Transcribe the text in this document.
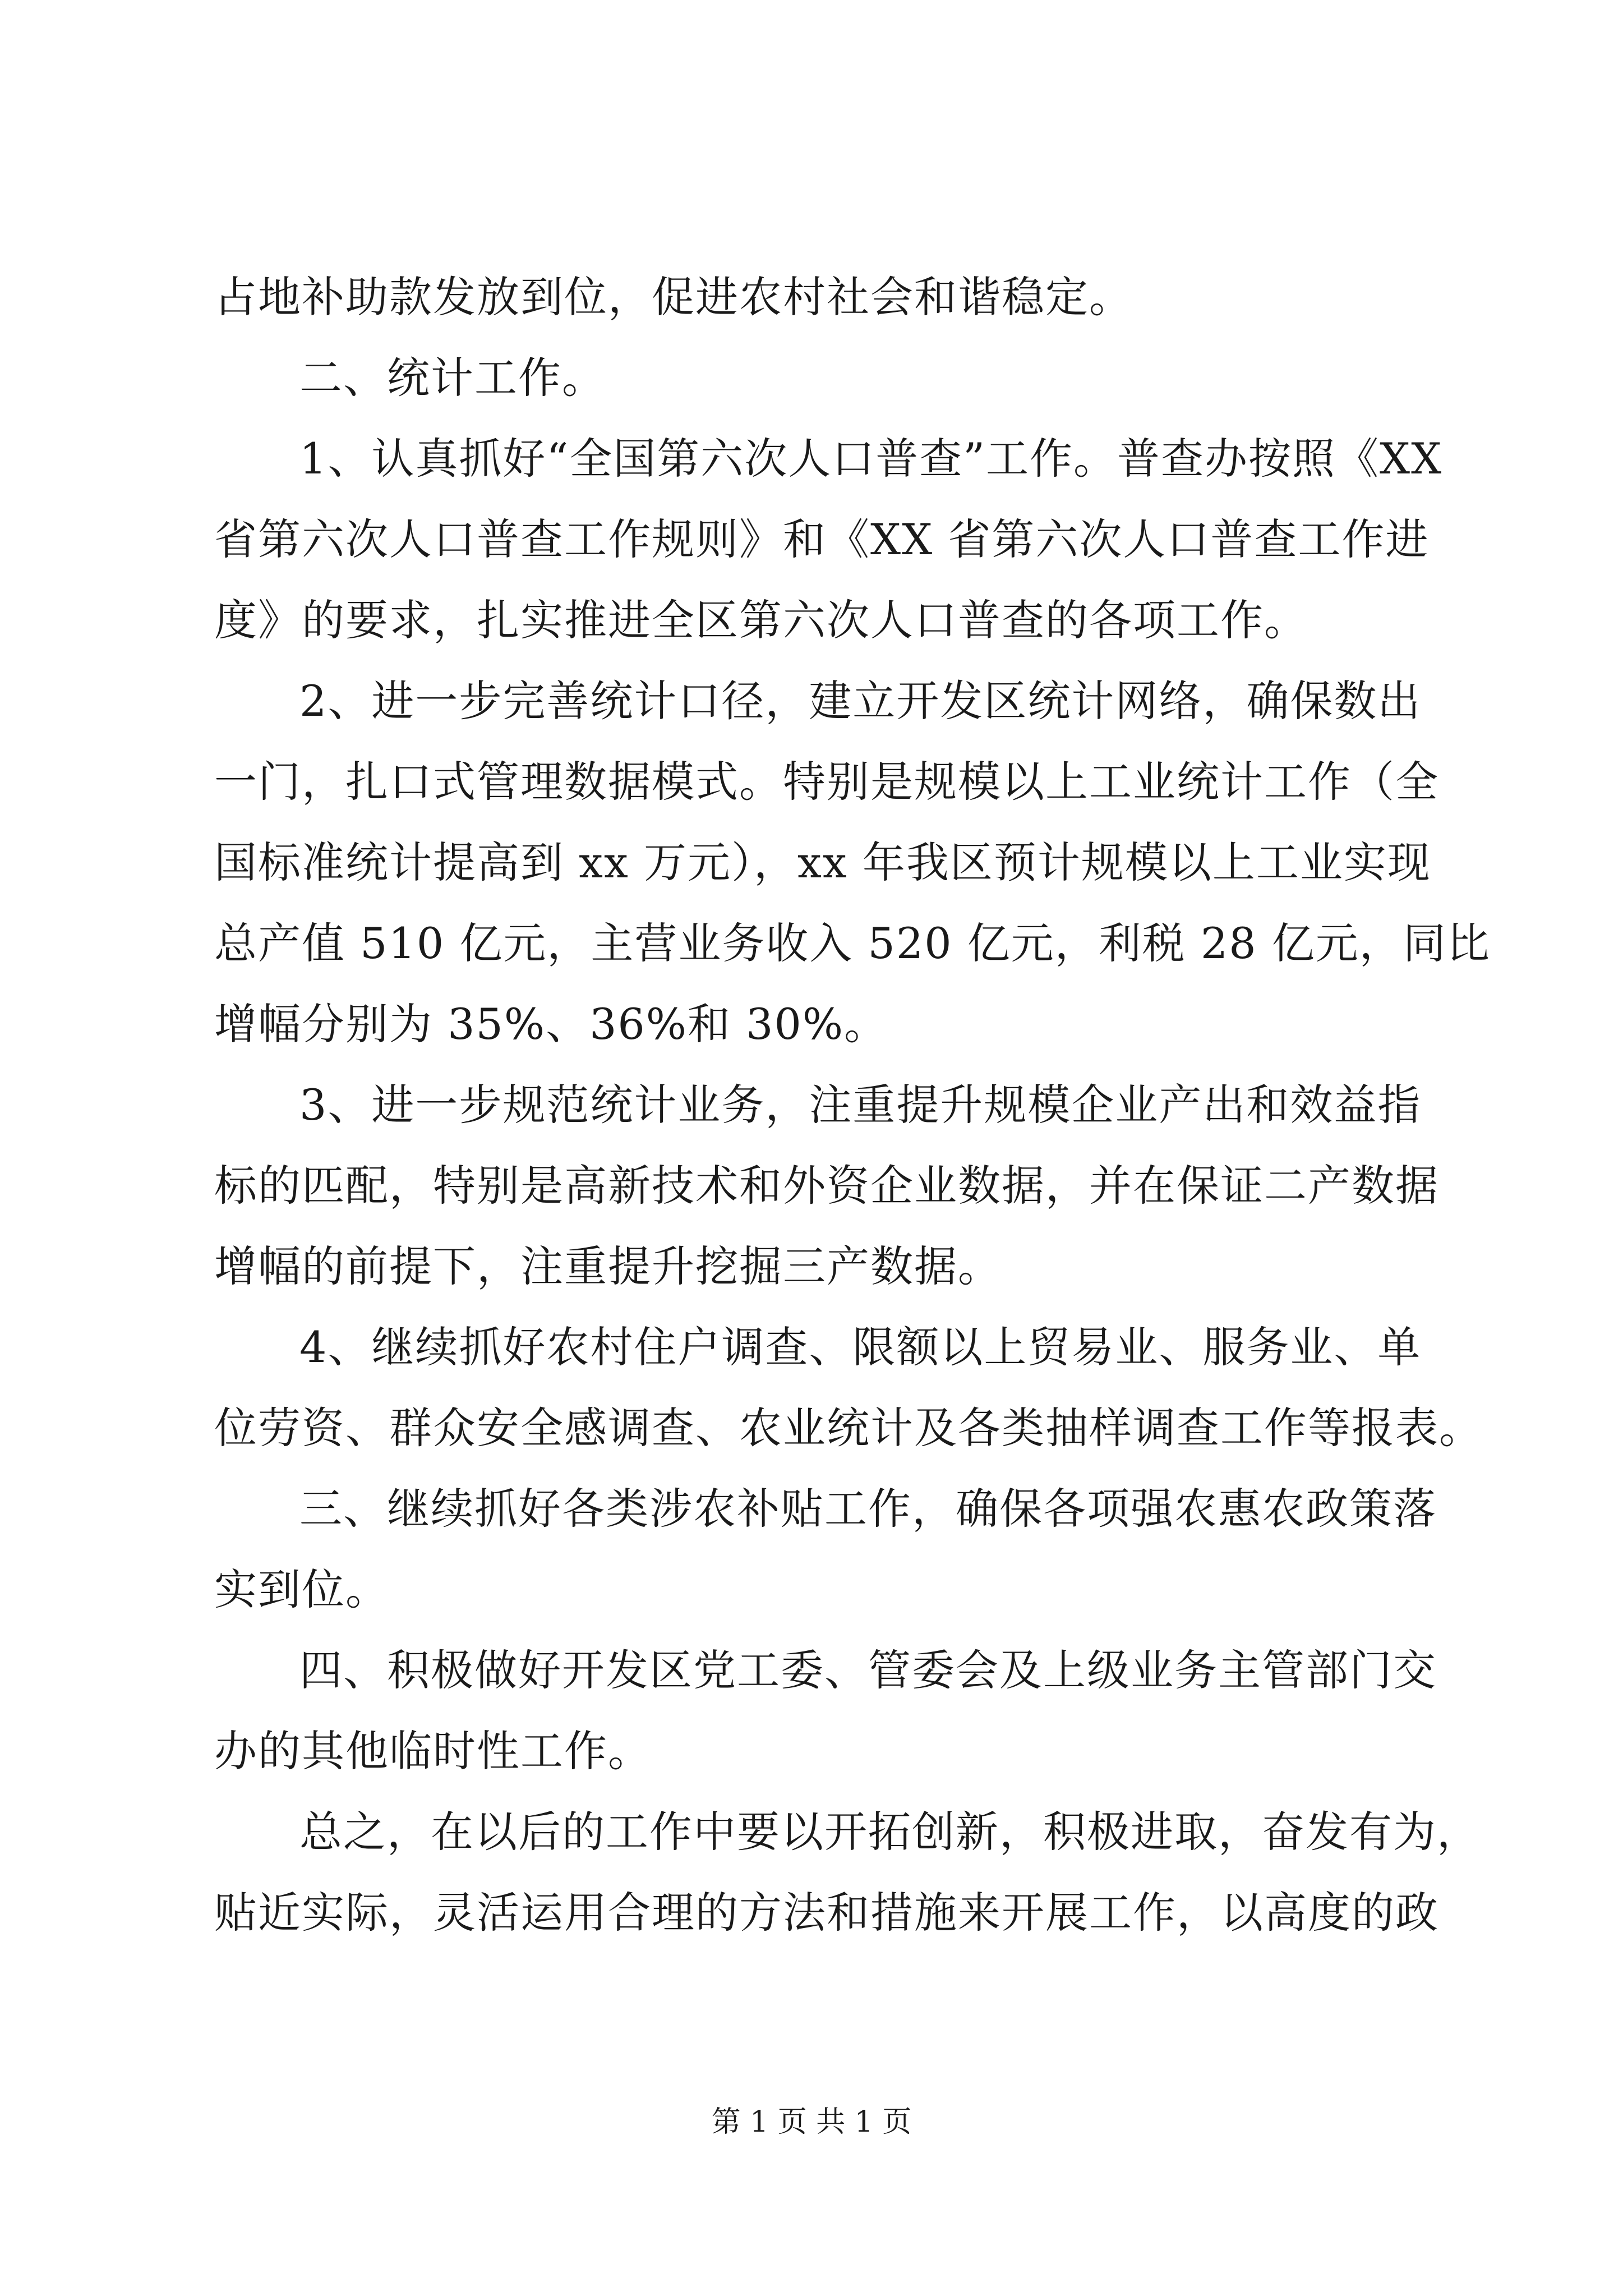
占地补助款发放到位，促进农村社会和谐稳定。
二、统计工作。
1、认真抓好“全国第六次人口普查”工作。普查办按照《XX
省第六次人口普查工作规则》和《XX 省第六次人口普查工作进
度》的要求，扎实推进全区第六次人口普查的各项工作。
2、进一步完善统计口径，建立开发区统计网络，确保数出
一门，扎口式管理数据模式。特别是规模以上工业统计工作（全
国标准统计提高到 xx 万元），xx 年我区预计规模以上工业实现
总产值 510 亿元，主营业务收入 520 亿元，利税 28 亿元，同比
增幅分别为 35%、36%和 30%。
3、进一步规范统计业务，注重提升规模企业产出和效益指
标的匹配，特别是高新技术和外资企业数据，并在保证二产数据
增幅的前提下，注重提升挖掘三产数据。
4、继续抓好农村住户调查、限额以上贸易业、服务业、单
位劳资、群众安全感调查、农业统计及各类抽样调查工作等报表。
三、继续抓好各类涉农补贴工作，确保各项强农惠农政策落
实到位。
四、积极做好开发区党工委、管委会及上级业务主管部门交
办的其他临时性工作。
总之，在以后的工作中要以开拓创新，积极进取，奋发有为，
贴近实际，灵活运用合理的方法和措施来开展工作，以高度的政
第 1 页 共 1 页
